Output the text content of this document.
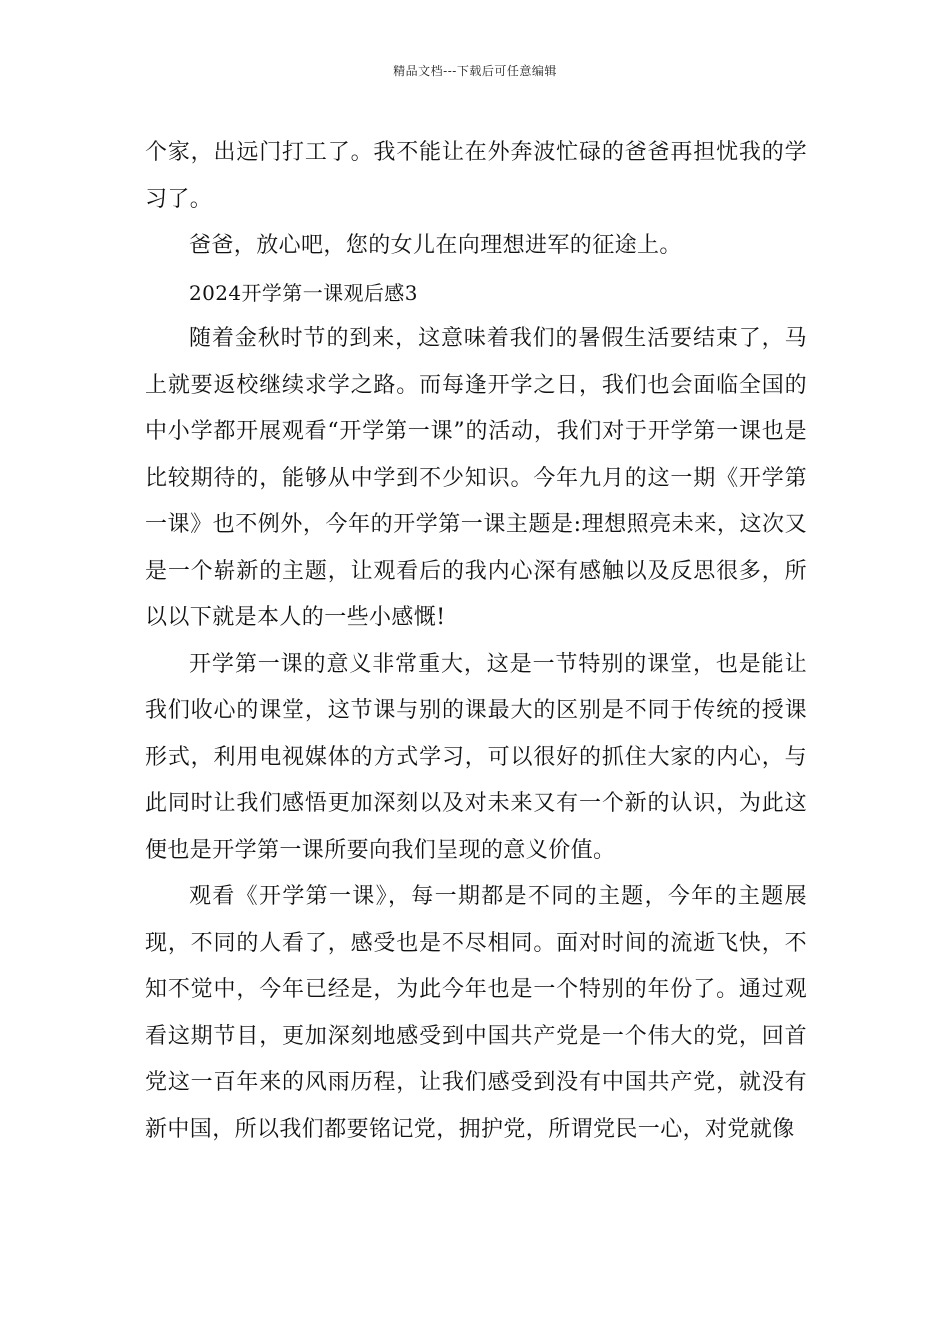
精品文档---下载后可任意编辑

个家，出远门打工了。我不能让在外奔波忙碌的爸爸再担忧我的学习了。

爸爸，放心吧，您的女儿在向理想进军的征途上。

2024开学第一课观后感3

随着金秋时节的到来，这意味着我们的暑假生活要结束了，马上就要返校继续求学之路。而每逢开学之日，我们也会面临全国的中小学都开展观看“开学第一课”的活动，我们对于开学第一课也是比较期待的，能够从中学到不少知识。今年九月的这一期《开学第一课》也不例外，今年的开学第一课主题是:理想照亮未来，这次又是一个崭新的主题，让观看后的我内心深有感触以及反思很多，所以以下就是本人的一些小感慨!

开学第一课的意义非常重大，这是一节特别的课堂，也是能让我们收心的课堂，这节课与别的课最大的区别是不同于传统的授课形式，利用电视媒体的方式学习，可以很好的抓住大家的内心，与此同时让我们感悟更加深刻以及对未来又有一个新的认识，为此这便也是开学第一课所要向我们呈现的意义价值。

观看《开学第一课》，每一期都是不同的主题，今年的主题展现，不同的人看了，感受也是不尽相同。面对时间的流逝飞快，不知不觉中，今年已经是，为此今年也是一个特别的年份了。通过观看这期节目，更加深刻地感受到中国共产党是一个伟大的党，回首党这一百年来的风雨历程，让我们感受到没有中国共产党，就没有新中国，所以我们都要铭记党，拥护党，所谓党民一心，对党就像
